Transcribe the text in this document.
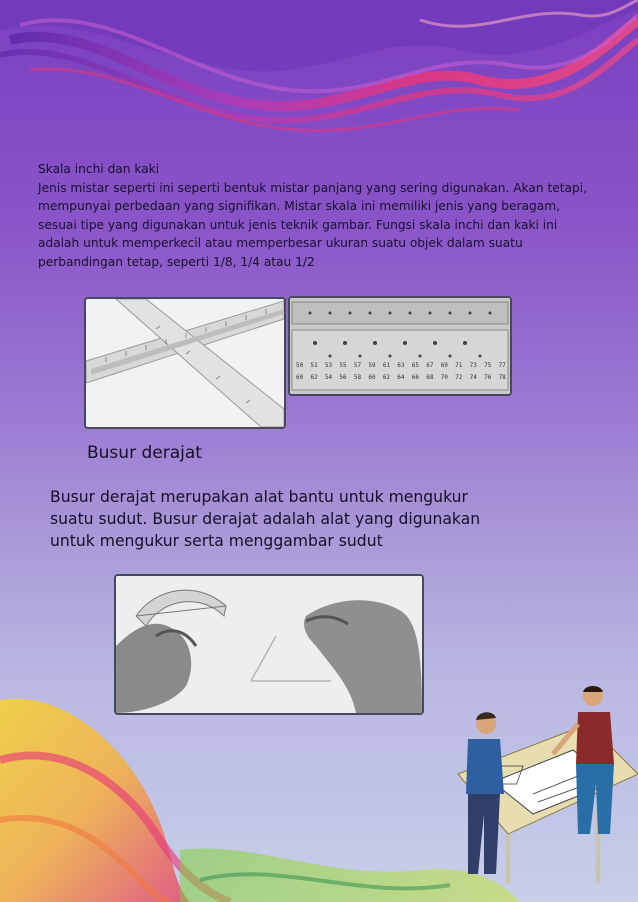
Skala inchi dan kaki

Jenis mistar seperti ini seperti bentuk mistar panjang yang sering digunakan. Akan tetapi, mempunyai perbedaan yang signifikan. Mistar skala ini memiliki jenis yang beragam, sesuai tipe yang digunakan untuk jenis teknik gambar. Fungsi skala inchi dan kaki ini adalah untuk memperkecil atau memperbesar ukuran suatu objek dalam suatu perbandingan tetap, seperti 1/8, 1/4 atau 1/2

50 51 53 55 57 59 61 63 65 67 69 71 73 75 77
60 62 54 56 58 60 62 64 66 68 70 72 74 76 78
Busur derajat

Busur derajat merupakan alat bantu untuk mengukur suatu sudut. Busur derajat adalah alat yang digunakan untuk mengukur serta menggambar sudut
